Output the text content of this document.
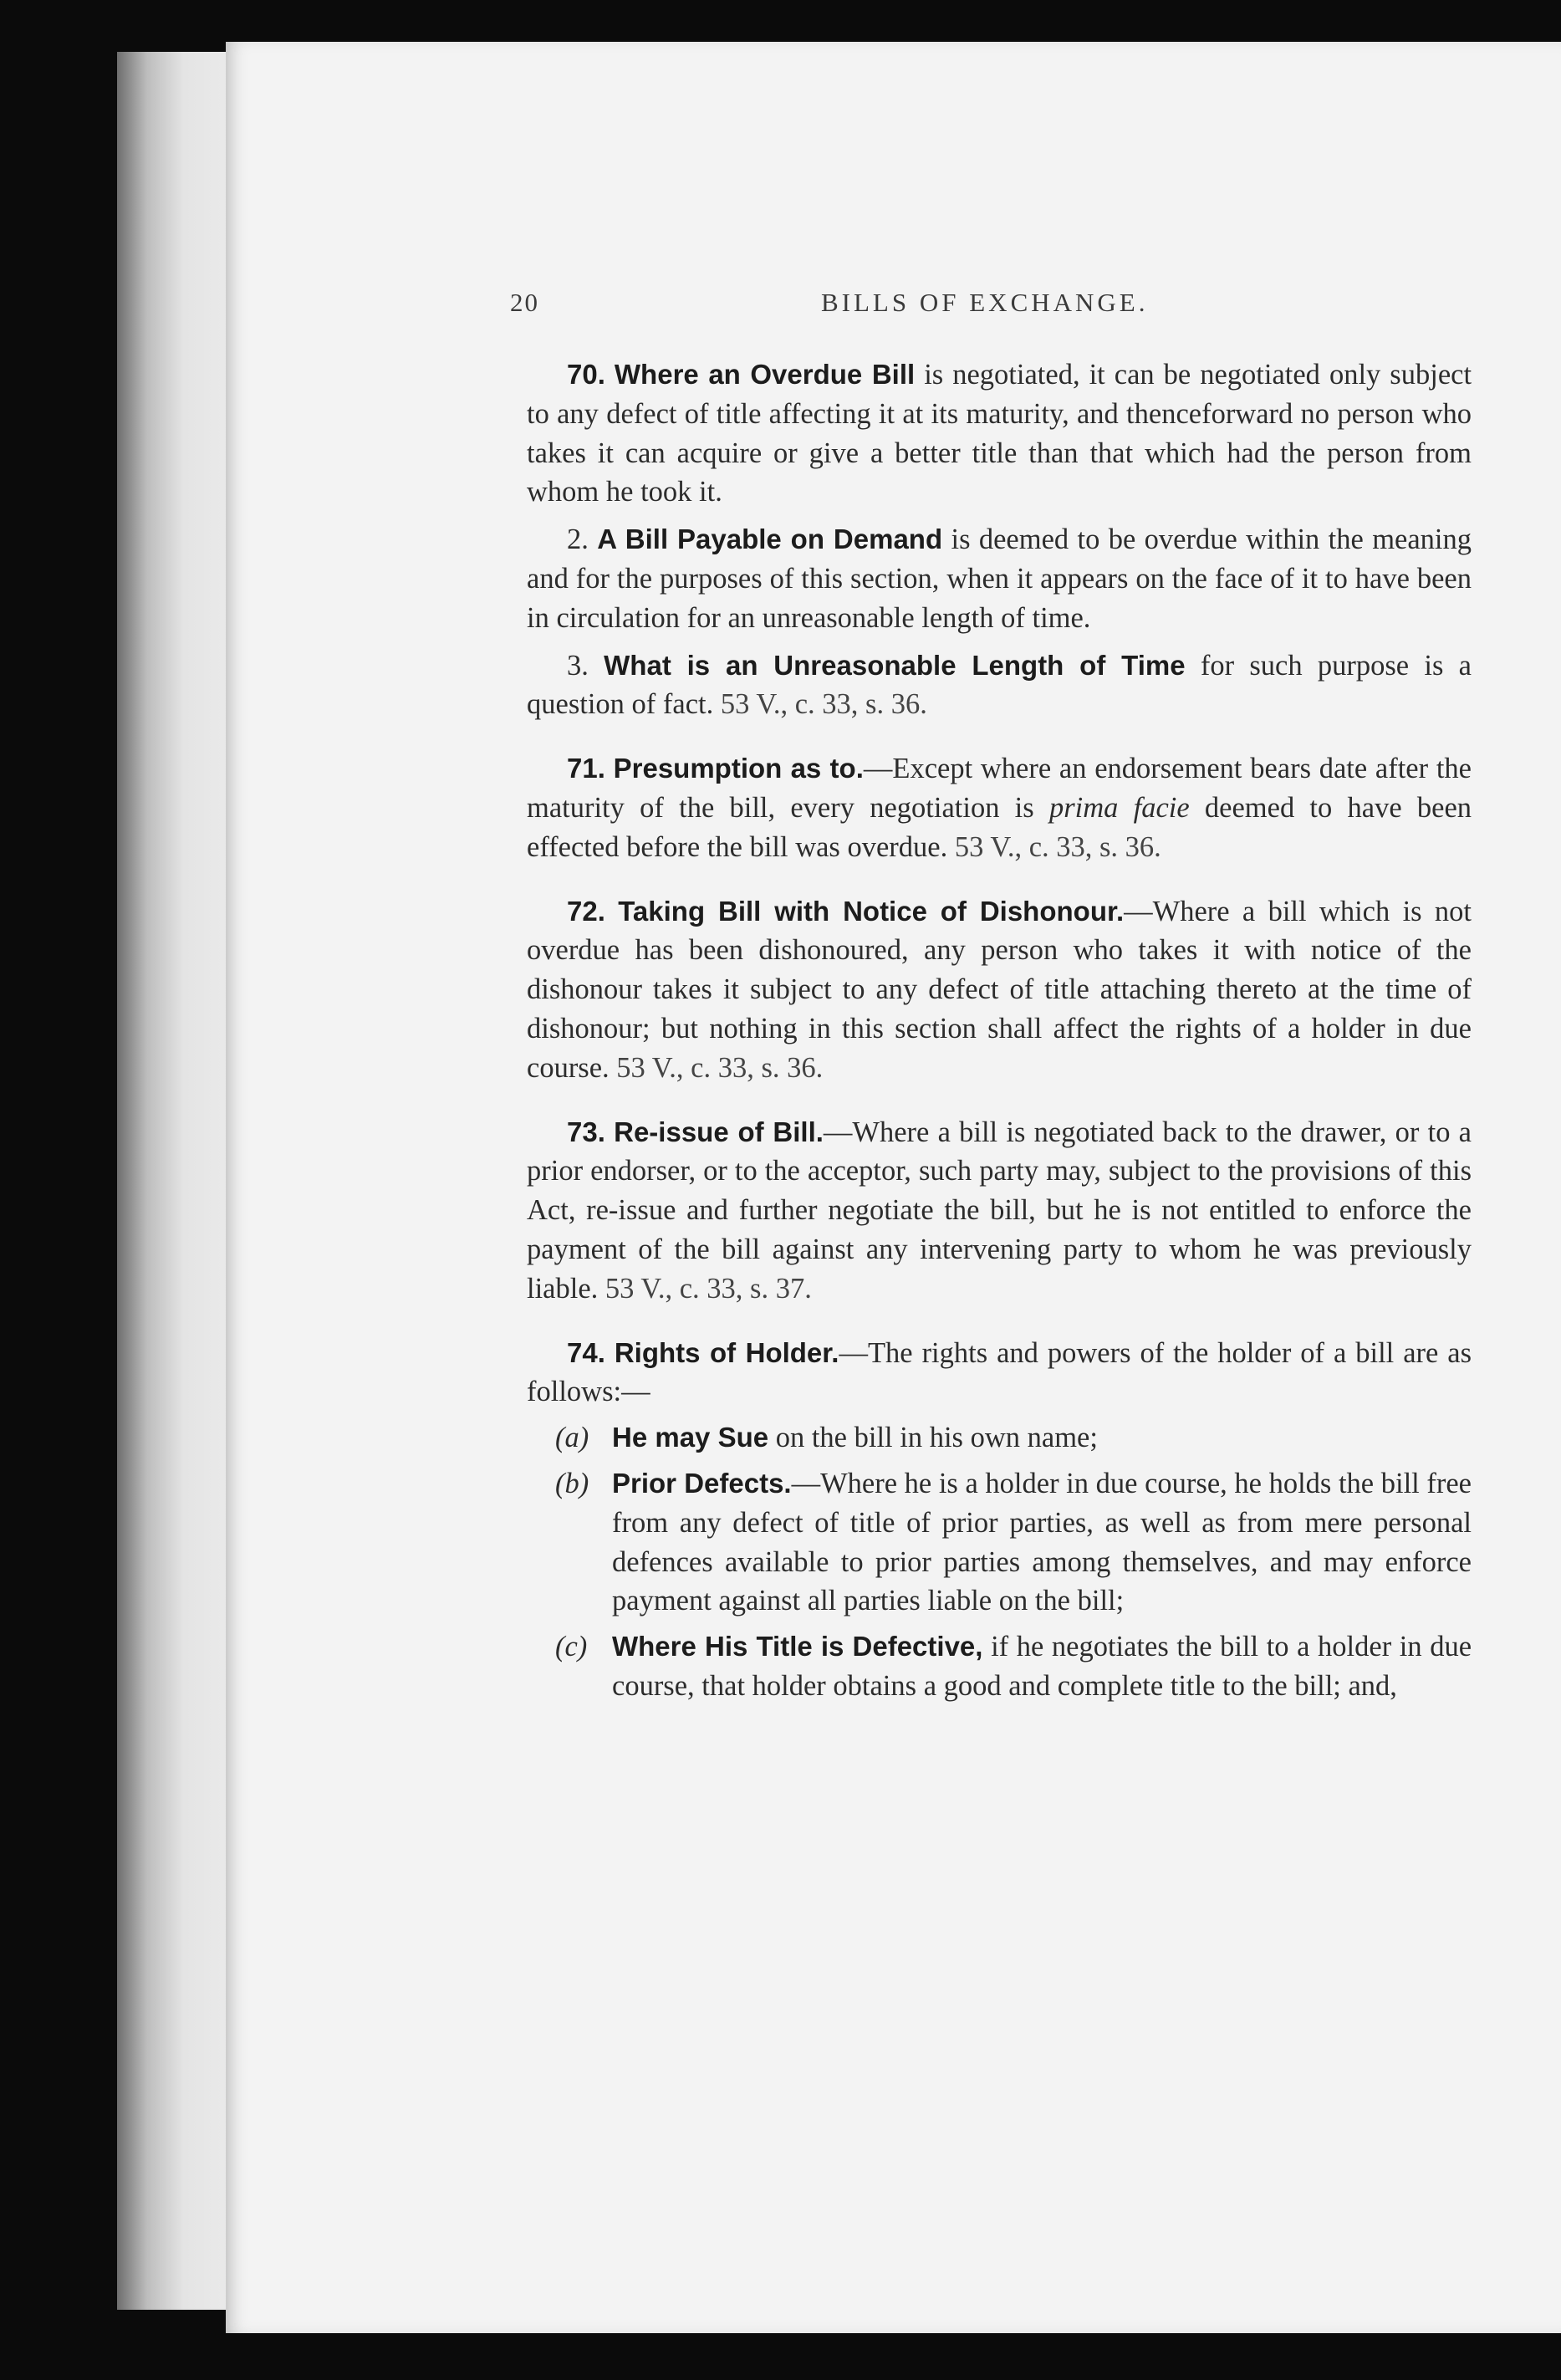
20	BILLS OF EXCHANGE.

70. Where an Overdue Bill is negotiated, it can be negotiated only subject to any defect of title affecting it at its maturity, and thenceforward no person who takes it can acquire or give a better title than that which had the person from whom he took it.

2. A Bill Payable on Demand is deemed to be overdue within the meaning and for the purposes of this section, when it appears on the face of it to have been in circulation for an unreasonable length of time.

3. What is an Unreasonable Length of Time for such purpose is a question of fact. 53 V., c. 33, s. 36.

71. Presumption as to.—Except where an endorsement bears date after the maturity of the bill, every negotiation is prima facie deemed to have been effected before the bill was overdue. 53 V., c. 33, s. 36.

72. Taking Bill with Notice of Dishonour.—Where a bill which is not overdue has been dishonoured, any person who takes it with notice of the dishonour takes it subject to any defect of title attaching thereto at the time of dishonour; but nothing in this section shall affect the rights of a holder in due course. 53 V., c. 33, s. 36.

73. Re-issue of Bill.—Where a bill is negotiated back to the drawer, or to a prior endorser, or to the acceptor, such party may, subject to the provisions of this Act, re-issue and further negotiate the bill, but he is not entitled to enforce the payment of the bill against any intervening party to whom he was previously liable. 53 V., c. 33, s. 37.

74. Rights of Holder.—The rights and powers of the holder of a bill are as follows:—

(a) He may Sue on the bill in his own name;
(b) Prior Defects.—Where he is a holder in due course, he holds the bill free from any defect of title of prior parties, as well as from mere personal defences available to prior parties among themselves, and may enforce payment against all parties liable on the bill;
(c) Where His Title is Defective, if he negotiates the bill to a holder in due course, that holder obtains a good and complete title to the bill; and,
